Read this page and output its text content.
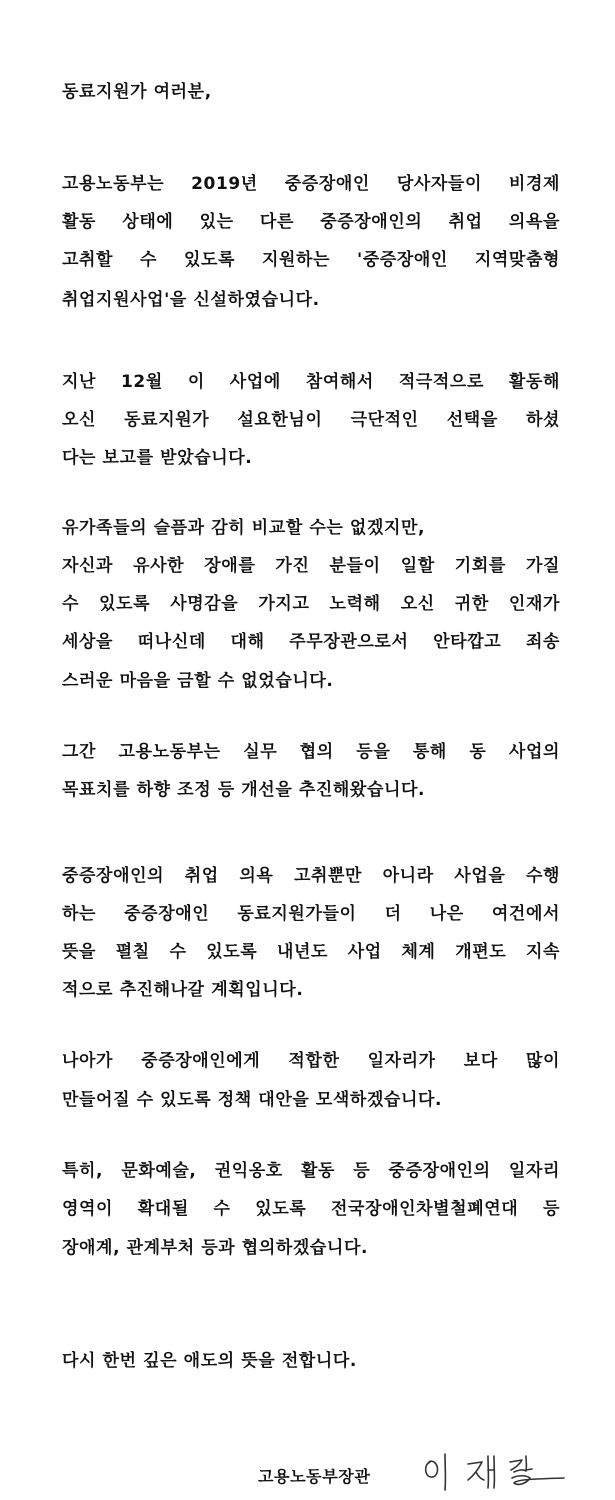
동료지원가 여러분,
고용노동부는 2019년 중증장애인 당사자들이 비경제
활동 상태에 있는 다른 중증장애인의 취업 의욕을
고취할 수 있도록 지원하는 '중증장애인 지역맞춤형
취업지원사업'을 신설하였습니다.
지난 12월 이 사업에 참여해서 적극적으로 활동해
오신 동료지원가 설요한님이 극단적인 선택을 하셨
다는 보고를 받았습니다.
유가족들의 슬픔과 감히 비교할 수는 없겠지만,
자신과 유사한 장애를 가진 분들이 일할 기회를 가질
수 있도록 사명감을 가지고 노력해 오신 귀한 인재가
세상을 떠나신데 대해 주무장관으로서 안타깝고 죄송
스러운 마음을 금할 수 없었습니다.
그간 고용노동부는 실무 협의 등을 통해 동 사업의
목표치를 하향 조정 등 개선을 추진해왔습니다.
중증장애인의 취업 의욕 고취뿐만 아니라 사업을 수행
하는 중증장애인 동료지원가들이 더 나은 여건에서
뜻을 펼칠 수 있도록 내년도 사업 체계 개편도 지속
적으로 추진해나갈 계획입니다.
나아가 중증장애인에게 적합한 일자리가 보다 많이
만들어질 수 있도록 정책 대안을 모색하겠습니다.
특히, 문화예술, 권익옹호 활동 등 중증장애인의 일자리
영역이 확대될 수 있도록 전국장애인차별철폐연대 등
장애계, 관계부처 등과 협의하겠습니다.
다시 한번 깊은 애도의 뜻을 전합니다.
고용노동부장관
